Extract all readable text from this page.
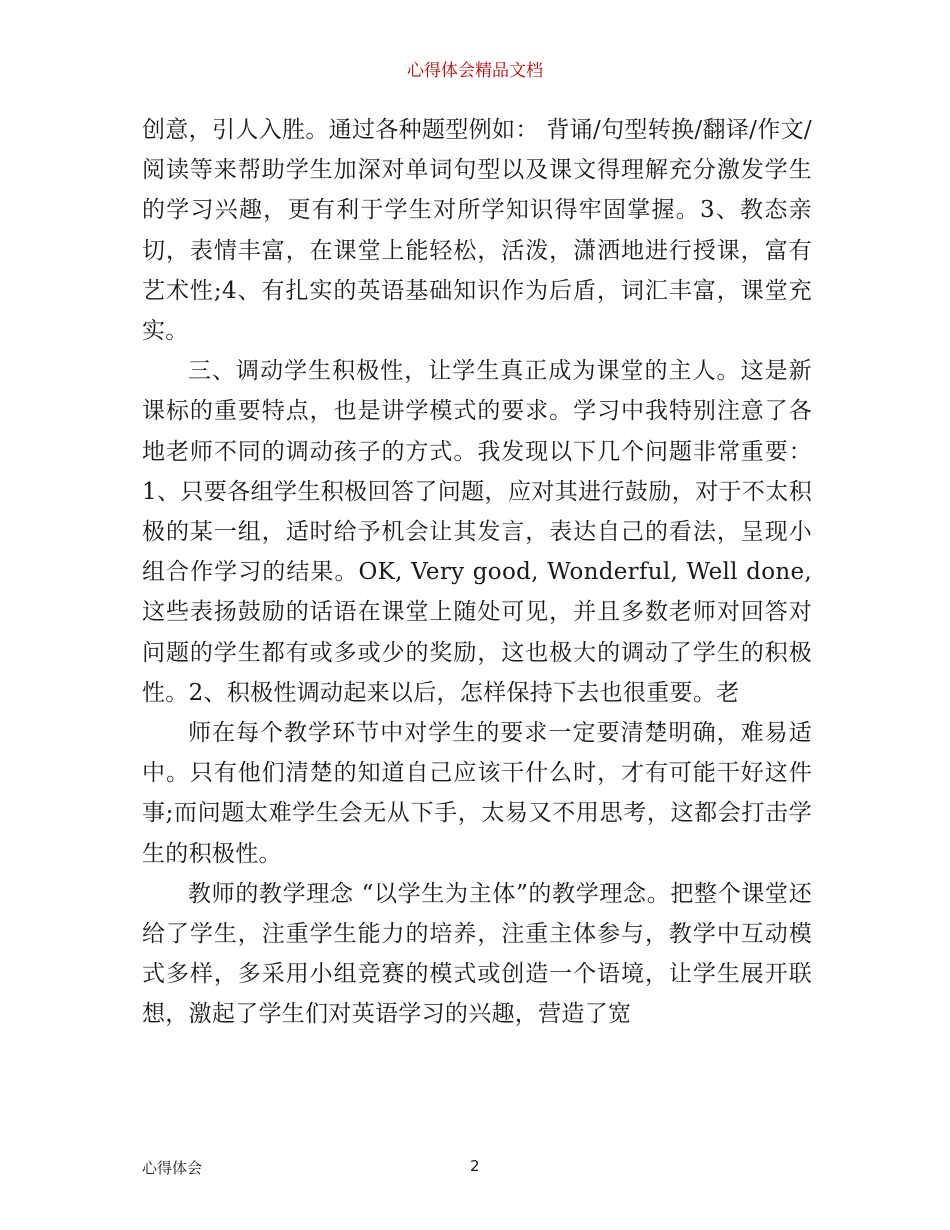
心得体会精品文档

创意，引人入胜。通过各种题型例如： 背诵/句型转换/翻译/作文/阅读等来帮助学生加深对单词句型以及课文得理解充分激发学生的学习兴趣，更有利于学生对所学知识得牢固掌握。3、教态亲切，表情丰富，在课堂上能轻松，活泼，潇洒地进行授课，富有艺术性;4、有扎实的英语基础知识作为后盾，词汇丰富，课堂充实。

三、调动学生积极性，让学生真正成为课堂的主人。这是新课标的重要特点，也是讲学模式的要求。学习中我特别注意了各地老师不同的调动孩子的方式。我发现以下几个问题非常重要：1、只要各组学生积极回答了问题，应对其进行鼓励，对于不太积极的某一组，适时给予机会让其发言，表达自己的看法，呈现小组合作学习的结果。OK, Very good, Wonderful, Well done,这些表扬鼓励的话语在课堂上随处可见，并且多数老师对回答对问题的学生都有或多或少的奖励，这也极大的调动了学生的积极性。2、积极性调动起来以后，怎样保持下去也很重要。老

师在每个教学环节中对学生的要求一定要清楚明确，难易适中。只有他们清楚的知道自己应该干什么时，才有可能干好这件事;而问题太难学生会无从下手，太易又不用思考，这都会打击学生的积极性。

教师的教学理念 “以学生为主体”的教学理念。把整个课堂还给了学生，注重学生能力的培养，注重主体参与，教学中互动模式多样，多采用小组竞赛的模式或创造一个语境，让学生展开联想，激起了学生们对英语学习的兴趣，营造了宽

心得体会	2
